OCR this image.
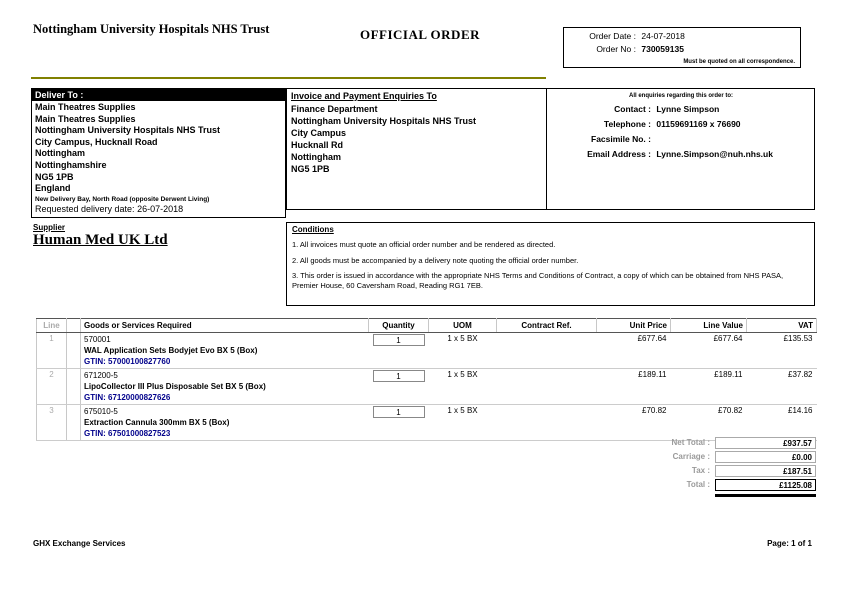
Nottingham University Hospitals NHS Trust	OFFICIAL ORDER	Order Date : 24-07-2018
Order No : 730059135
Must be quoted on all correspondence.
Deliver To :
Main Theatres Supplies
Main Theatres Supplies
Nottingham University Hospitals NHS Trust
City Campus, Hucknall Road
Nottingham
Nottinghamshire
NG5 1PB
England
New Delivery Bay, North Road (opposite Derwent Living)
Requested delivery date: 26-07-2018
Invoice and Payment Enquiries To
Finance Department
Nottingham University Hospitals NHS Trust
City Campus
Hucknall Rd
Nottingham
NG5 1PB
All enquiries regarding this order to:
Contact : Lynne Simpson
Telephone : 01159691169 x 76690
Facsimile No. :
Email Address : Lynne.Simpson@nuh.nhs.uk
Supplier
Human Med UK Ltd
Conditions
1. All invoices must quote an official order number and be rendered as directed.
2. All goods must be accompanied by a delivery note quoting the official order number.
3. This order is issued in accordance with the appropriate NHS Terms and Conditions of Contract, a copy of which can be obtained from NHS PASA, Premier House, 60 Caversham Road, Reading RG1 7EB.
Line		Goods or Services Required	Quantity	UOM	Contract Ref.	Unit Price	Line Value	VAT
1		570001
WAL Application Sets Bodyjet Evo BX 5 (Box)
GTIN: 57000100827760	1	1 x 5 BX		£677.64	£677.64	£135.53
2		671200-5
LipoCollector III Plus Disposable Set BX 5 (Box)
GTIN: 67120000827626	1	1 x 5 BX		£189.11	£189.11	£37.82
3		675010-5
Extraction Cannula 300mm BX 5 (Box)
GTIN: 67501000827523	1	1 x 5 BX		£70.82	£70.82	£14.16
Net Total :	£937.57
Carriage :	£0.00
Tax :	£187.51
Total :	£1125.08
GHX Exchange Services	Page: 1 of 1
